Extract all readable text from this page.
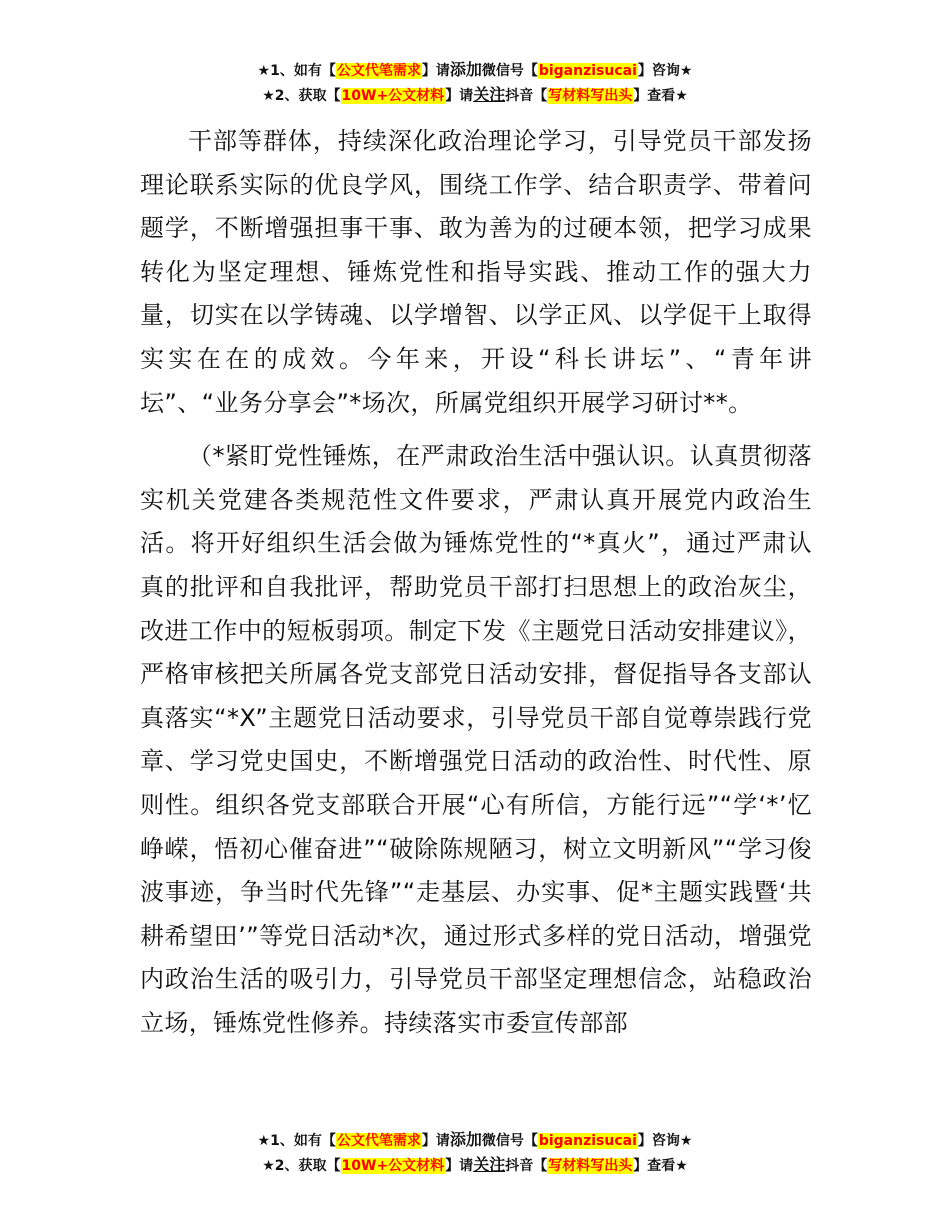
★1、如有【公文代笔需求】请添加微信号【biganzisucai】咨询★
★2、获取【10W+公文材料】请关注抖音【写材料写出头】查看★

干部等群体，持续深化政治理论学习，引导党员干部发扬理论联系实际的优良学风，围绕工作学、结合职责学、带着问题学，不断增强担事干事、敢为善为的过硬本领，把学习成果转化为坚定理想、锤炼党性和指导实践、推动工作的强大力量，切实在以学铸魂、以学增智、以学正风、以学促干上取得实实在在的成效。今年来，开设“科长讲坛”、“青年讲坛”、“业务分享会”*场次，所属党组织开展学习研讨**。

（*紧盯党性锤炼，在严肃政治生活中强认识。认真贯彻落实机关党建各类规范性文件要求，严肃认真开展党内政治生活。将开好组织生活会做为锤炼党性的“*真火”，通过严肃认真的批评和自我批评，帮助党员干部打扫思想上的政治灰尘，改进工作中的短板弱项。制定下发《主题党日活动安排建议》，严格审核把关所属各党支部党日活动安排，督促指导各支部认真落实“*X”主题党日活动要求，引导党员干部自觉尊崇践行党章、学习党史国史，不断增强党日活动的政治性、时代性、原则性。组织各党支部联合开展“心有所信，方能行远”“学‘*’忆峥嵘，悟初心催奋进”“破除陈规陋习，树立文明新风”“学习俊波事迹，争当时代先锋”“走基层、办实事、促*主题实践暨‘共耕希望田’”等党日活动*次，通过形式多样的党日活动，增强党内政治生活的吸引力，引导党员干部坚定理想信念，站稳政治立场，锤炼党性修养。持续落实市委宣传部部

★1、如有【公文代笔需求】请添加微信号【biganzisucai】咨询★
★2、获取【10W+公文材料】请关注抖音【写材料写出头】查看★
